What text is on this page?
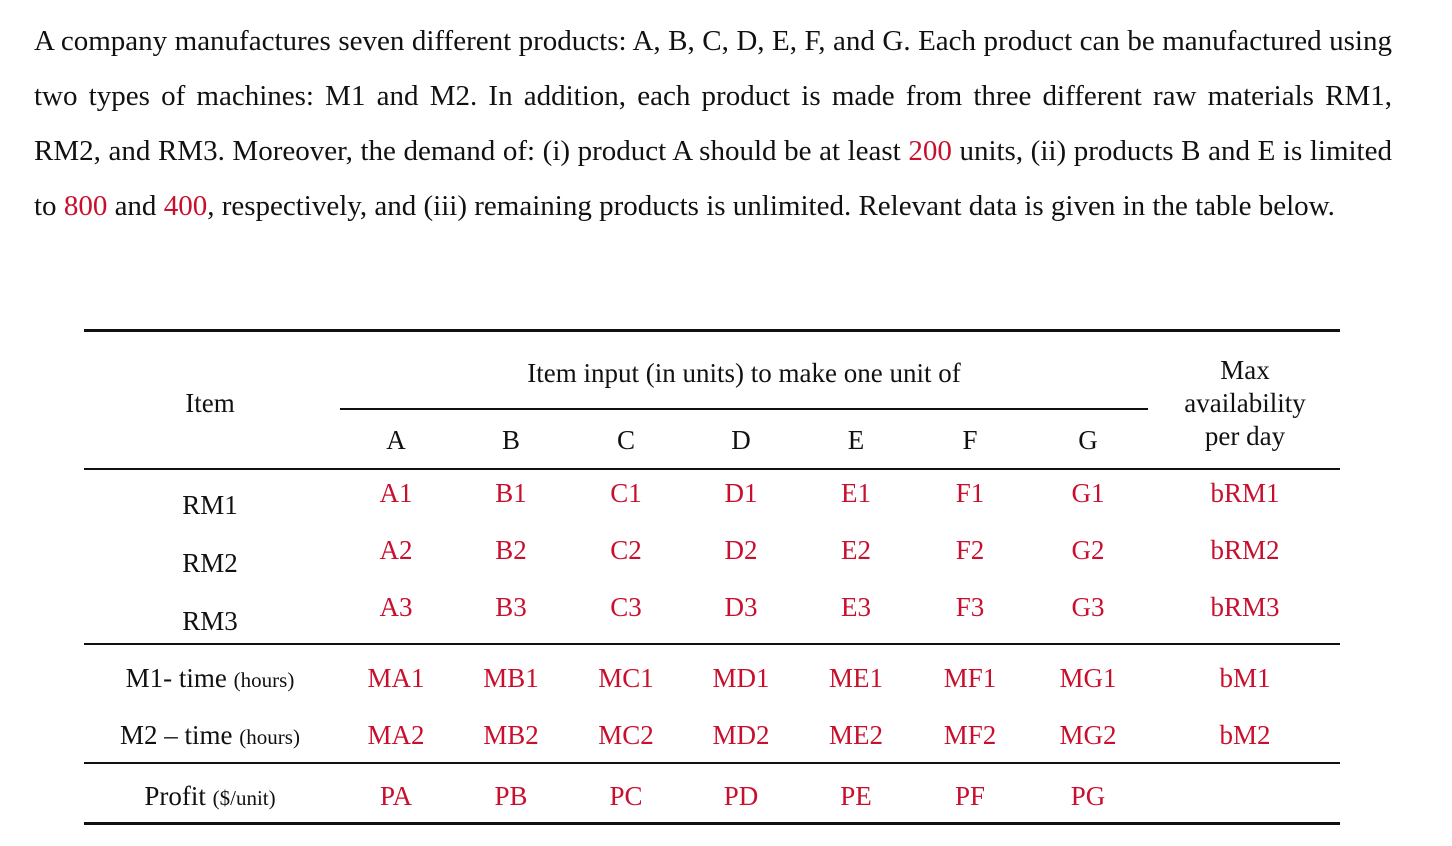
A company manufactures seven different products: A, B, C, D, E, F, and G. Each product can be manufactured using two types of machines: M1 and M2. In addition, each product is made from three different raw materials RM1, RM2, and RM3. Moreover, the demand of: (i) product A should be at least 200 units, (ii) products B and E is limited to 800 and 400, respectively, and (iii) remaining products is unlimited. Relevant data is given in the table below.

Item
Item input (in units) to make one unit of	Max
availability
per day
A	B	C	D	E	F	G
RM1	A1	B1	C1	D1	E1	F1	G1	bRM1
RM2	A2	B2	C2	D2	E2	F2	G2	bRM2
RM3	A3	B3	C3	D3	E3	F3	G3	bRM3
M1- time (hours)	MA1	MB1	MC1	MD1	ME1	MF1	MG1	bM1
M2 – time (hours)	MA2	MB2	MC2	MD2	ME2	MF2	MG2	bM2
Profit ($/unit)	PA	PB	PC	PD	PE	PF	PG
